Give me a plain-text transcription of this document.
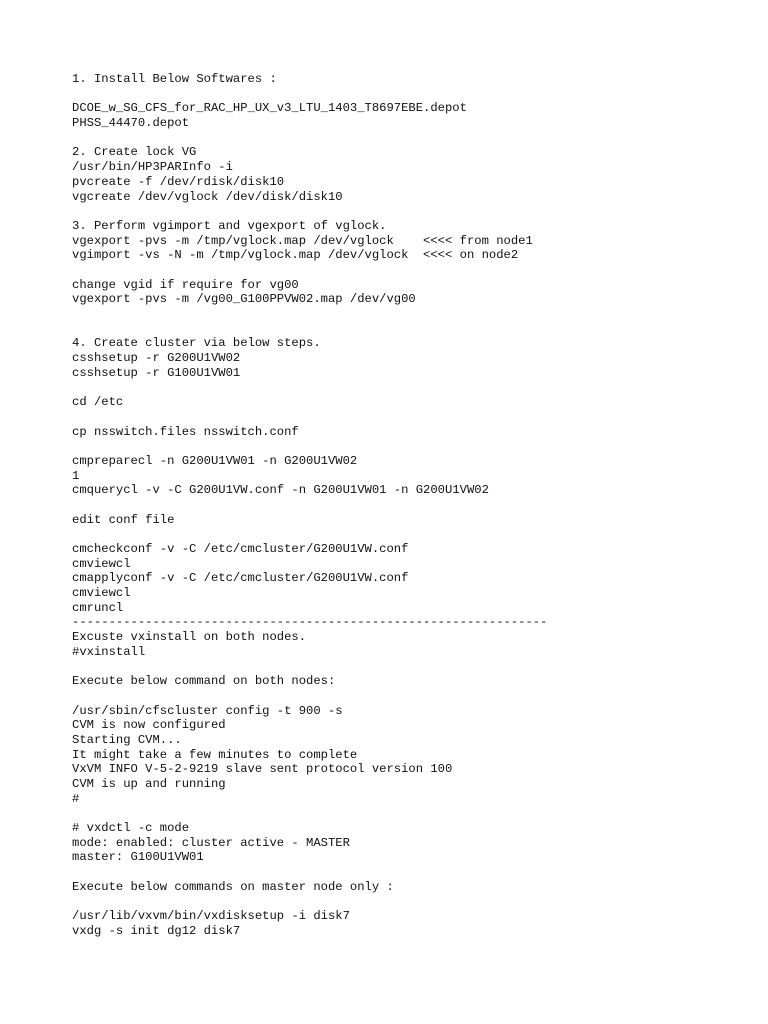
1. Install Below Softwares :
DCOE_w_SG_CFS_for_RAC_HP_UX_v3_LTU_1403_T8697EBE.depot
PHSS_44470.depot
2. Create lock VG
/usr/bin/HP3PARInfo -i
pvcreate -f /dev/rdisk/disk10
vgcreate /dev/vglock /dev/disk/disk10
3. Perform vgimport and vgexport of vglock.
vgexport -pvs -m /tmp/vglock.map /dev/vglock    <<<< from node1
vgimport -vs -N -m /tmp/vglock.map /dev/vglock  <<<< on node2
change vgid if require for vg00
vgexport -pvs -m /vg00_G100PPVW02.map /dev/vg00
4. Create cluster via below steps.
csshsetup -r G200U1VW02
csshsetup -r G100U1VW01
cd /etc
cp nsswitch.files nsswitch.conf
cmpreparecl -n G200U1VW01 -n G200U1VW02
1
cmquerycl -v -C G200U1VW.conf -n G200U1VW01 -n G200U1VW02
edit conf file
cmcheckconf -v -C /etc/cmcluster/G200U1VW.conf
cmviewcl
cmapplyconf -v -C /etc/cmcluster/G200U1VW.conf
cmviewcl
cmruncl
-----------------------------------------------------------------
Excuste vxinstall on both nodes.
#vxinstall
Execute below command on both nodes:
/usr/sbin/cfscluster config -t 900 -s
CVM is now configured
Starting CVM...
It might take a few minutes to complete
VxVM INFO V-5-2-9219 slave sent protocol version 100
CVM is up and running
#
# vxdctl -c mode
mode: enabled: cluster active - MASTER
master: G100U1VW01
Execute below commands on master node only :
/usr/lib/vxvm/bin/vxdisksetup -i disk7
vxdg -s init dg12 disk7
